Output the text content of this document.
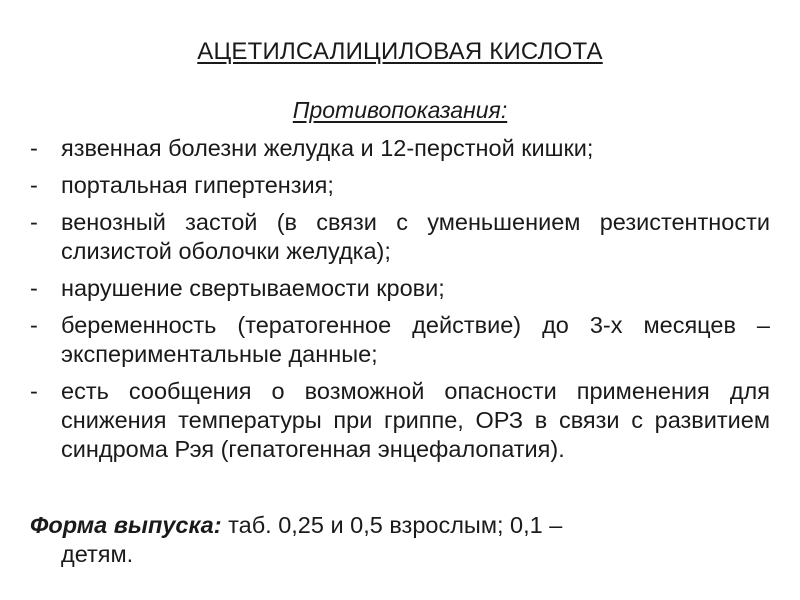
АЦЕТИЛСАЛИЦИЛОВАЯ КИСЛОТА
Противопоказания:
- язвенная болезни желудка и 12-перстной кишки;
- портальная гипертензия;
- венозный застой (в связи с уменьшением резистентности слизистой оболочки желудка);
- нарушение свертываемости крови;
- беременность (тератогенное действие) до 3-х месяцев – экспериментальные данные;
- есть сообщения о возможной опасности применения для снижения температуры при гриппе, ОРЗ в связи с развитием синдрома Рэя (гепатогенная энцефалопатия).
Форма выпуска: таб. 0,25 и 0,5 взрослым; 0,1 –
детям.
